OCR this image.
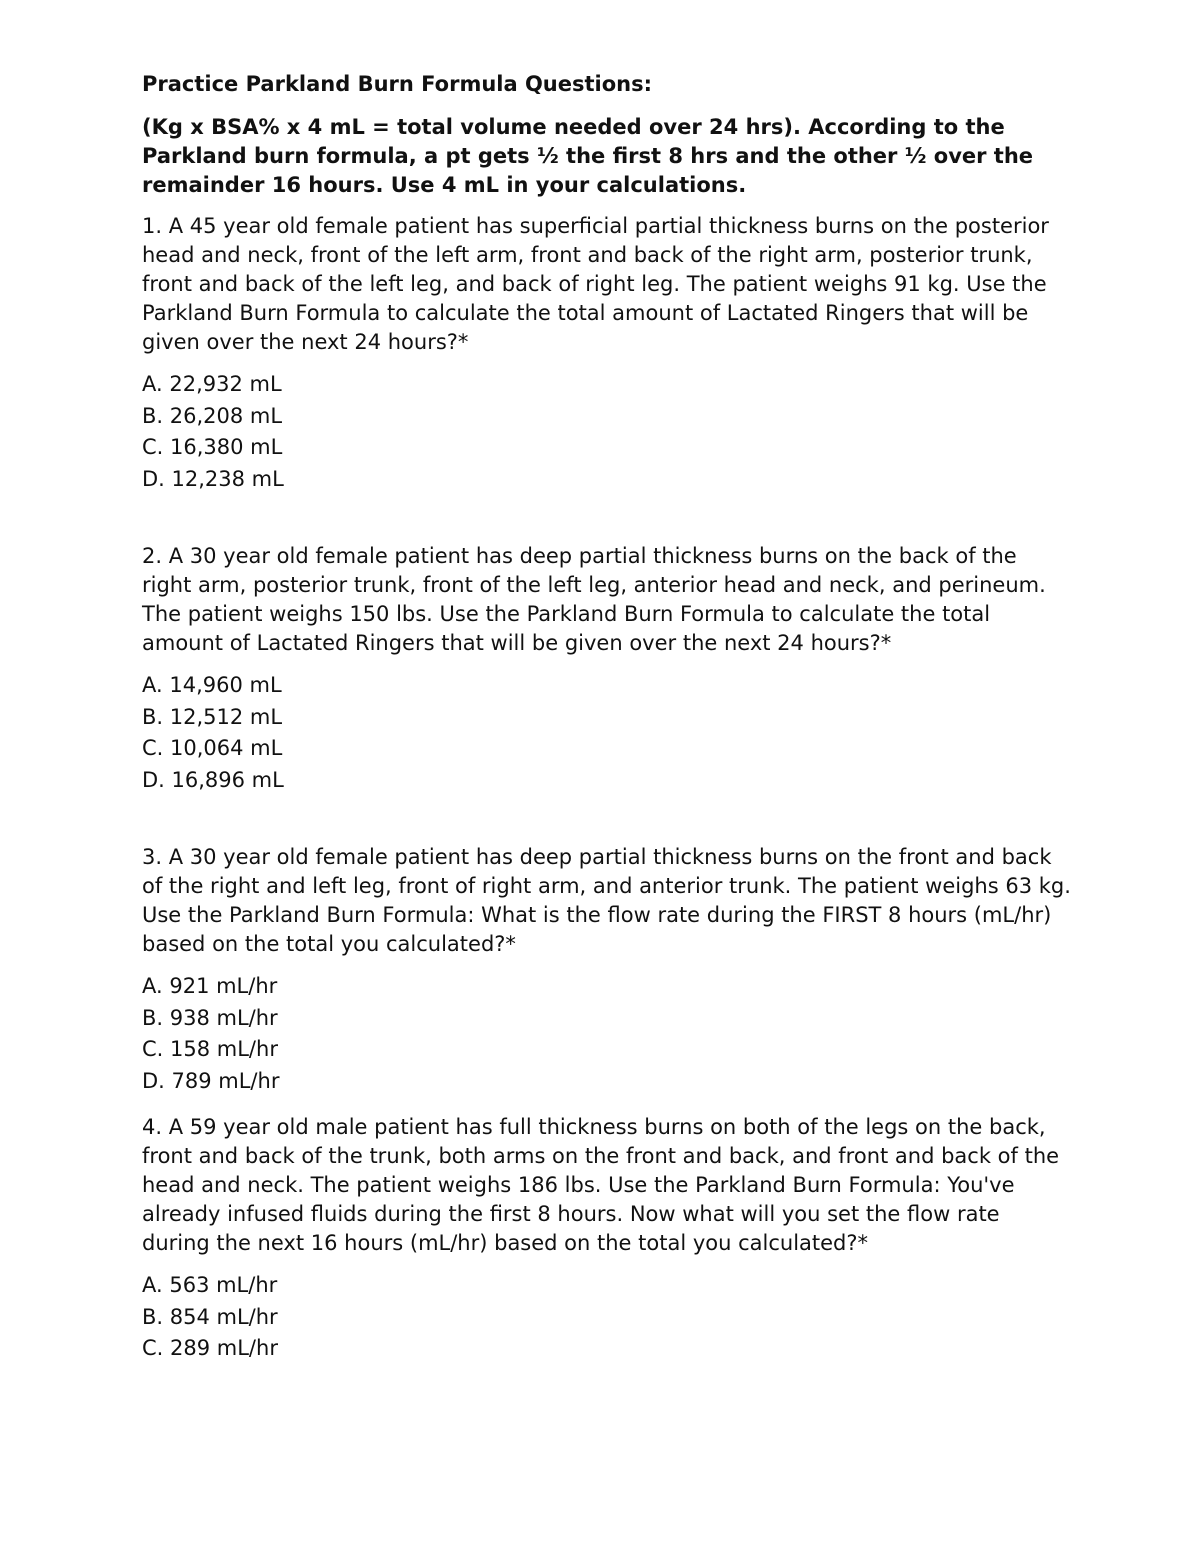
Practice Parkland Burn Formula Questions:
(Kg x BSA% x 4 mL = total volume needed over 24 hrs). According to the Parkland burn formula, a pt gets ½ the first 8 hrs and the other ½ over the remainder 16 hours. Use 4 mL in your calculations.
1. A 45 year old female patient has superficial partial thickness burns on the posterior head and neck, front of the left arm, front and back of the right arm, posterior trunk, front and back of the left leg, and back of right leg. The patient weighs 91 kg. Use the Parkland Burn Formula to calculate the total amount of Lactated Ringers that will be given over the next 24 hours?*
A. 22,932 mL
B. 26,208 mL
C. 16,380 mL
D. 12,238 mL
2. A 30 year old female patient has deep partial thickness burns on the back of the right arm, posterior trunk, front of the left leg, anterior head and neck, and perineum. The patient weighs 150 lbs. Use the Parkland Burn Formula to calculate the total amount of Lactated Ringers that will be given over the next 24 hours?*
A. 14,960 mL
B. 12,512 mL
C. 10,064 mL
D. 16,896 mL
3. A 30 year old female patient has deep partial thickness burns on the front and back of the right and left leg, front of right arm, and anterior trunk. The patient weighs 63 kg. Use the Parkland Burn Formula: What is the flow rate during the FIRST 8 hours (mL/hr) based on the total you calculated?*
A. 921 mL/hr
B. 938 mL/hr
C. 158 mL/hr
D. 789 mL/hr
4. A 59 year old male patient has full thickness burns on both of the legs on the back, front and back of the trunk, both arms on the front and back, and front and back of the head and neck. The patient weighs 186 lbs. Use the Parkland Burn Formula: You've already infused fluids during the first 8 hours. Now what will you set the flow rate during the next 16 hours (mL/hr) based on the total you calculated?*
A. 563 mL/hr
B. 854 mL/hr
C. 289 mL/hr
